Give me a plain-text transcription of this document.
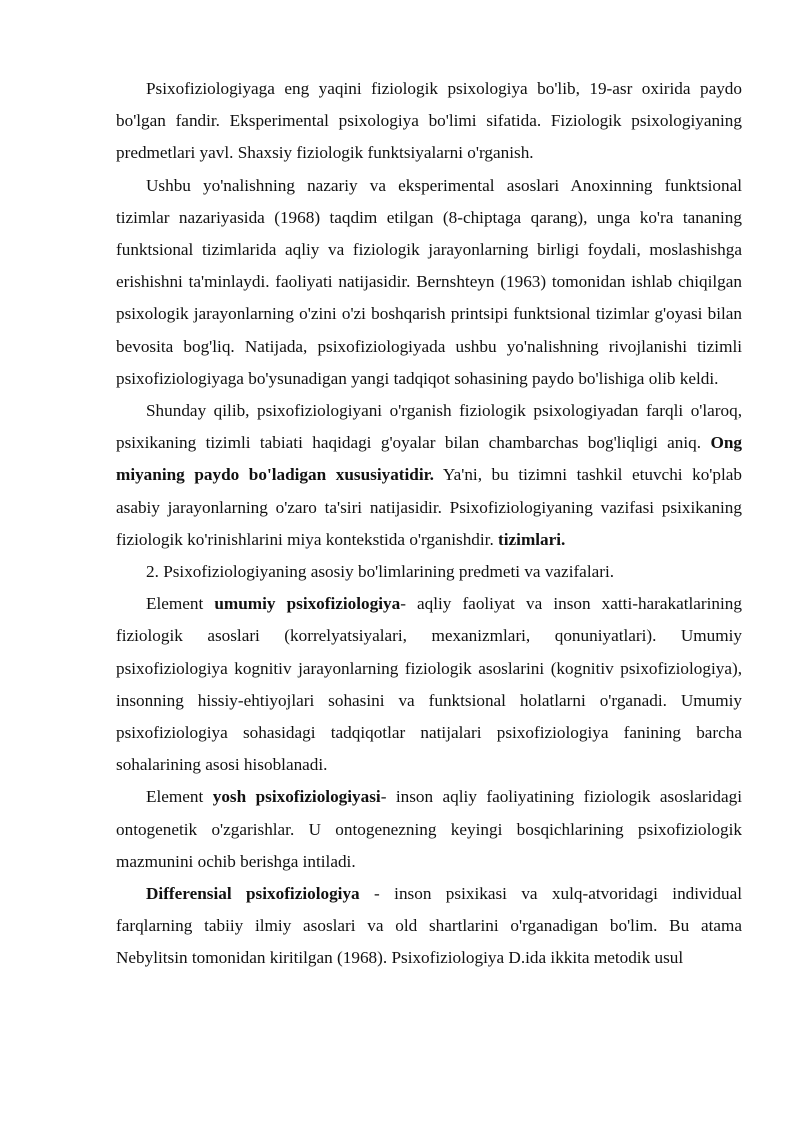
Psixofiziologiyaga eng yaqini fiziologik psixologiya bo'lib, 19-asr oxirida paydo bo'lgan fandir. Eksperimental psixologiya bo'limi sifatida. Fiziologik psixologiyaning predmetlari yavl. Shaxsiy fiziologik funktsiyalarni o'rganish.

Ushbu yo'nalishning nazariy va eksperimental asoslari Anoxinning funktsional tizimlar nazariyasida (1968) taqdim etilgan (8-chiptaga qarang), unga ko'ra tananing funktsional tizimlarida aqliy va fiziologik jarayonlarning birligi foydali, moslashishga erishishni ta'minlaydi. faoliyati natijasidir. Bernshteyn (1963) tomonidan ishlab chiqilgan psixologik jarayonlarning o'zini o'zi boshqarish printsipi funktsional tizimlar g'oyasi bilan bevosita bog'liq. Natijada, psixofiziologiyada ushbu yo'nalishning rivojlanishi tizimli psixofiziologiyaga bo'ysunadigan yangi tadqiqot sohasining paydo bo'lishiga olib keldi.

Shunday qilib, psixofiziologiyani o'rganish fiziologik psixologiyadan farqli o'laroq, psixikaning tizimli tabiati haqidagi g'oyalar bilan chambarchas bog'liqligi aniq. Ong miyaning paydo bo'ladigan xususiyatidir. Ya'ni, bu tizimni tashkil etuvchi ko'plab asabiy jarayonlarning o'zaro ta'siri natijasidir. Psixofiziologiyaning vazifasi psixikaning fiziologik ko'rinishlarini miya kontekstida o'rganishdir. tizimlari.

2. Psixofiziologiyaning asosiy bo'limlarining predmeti va vazifalari.

Element umumiy psixofiziologiya- aqliy faoliyat va inson xatti-harakatlarining fiziologik asoslari (korrelyatsiyalari, mexanizmlari, qonuniyatlari). Umumiy psixofiziologiya kognitiv jarayonlarning fiziologik asoslarini (kognitiv psixofiziologiya), insonning hissiy-ehtiyojlari sohasini va funktsional holatlarni o'rganadi. Umumiy psixofiziologiya sohasidagi tadqiqotlar natijalari psixofiziologiya fanining barcha sohalarining asosi hisoblanadi.

Element yosh psixofiziologiyasi- inson aqliy faoliyatining fiziologik asoslaridagi ontogenetik o'zgarishlar. U ontogenezning keyingi bosqichlarining psixofiziologik mazmunini ochib berishga intiladi.

Differensial psixofiziologiya - inson psixikasi va xulq-atvoridagi individual farqlarning tabiiy ilmiy asoslari va old shartlarini o'rganadigan bo'lim. Bu atama Nebylitsin tomonidan kiritilgan (1968). Psixofiziologiya D.ida ikkita metodik usul
